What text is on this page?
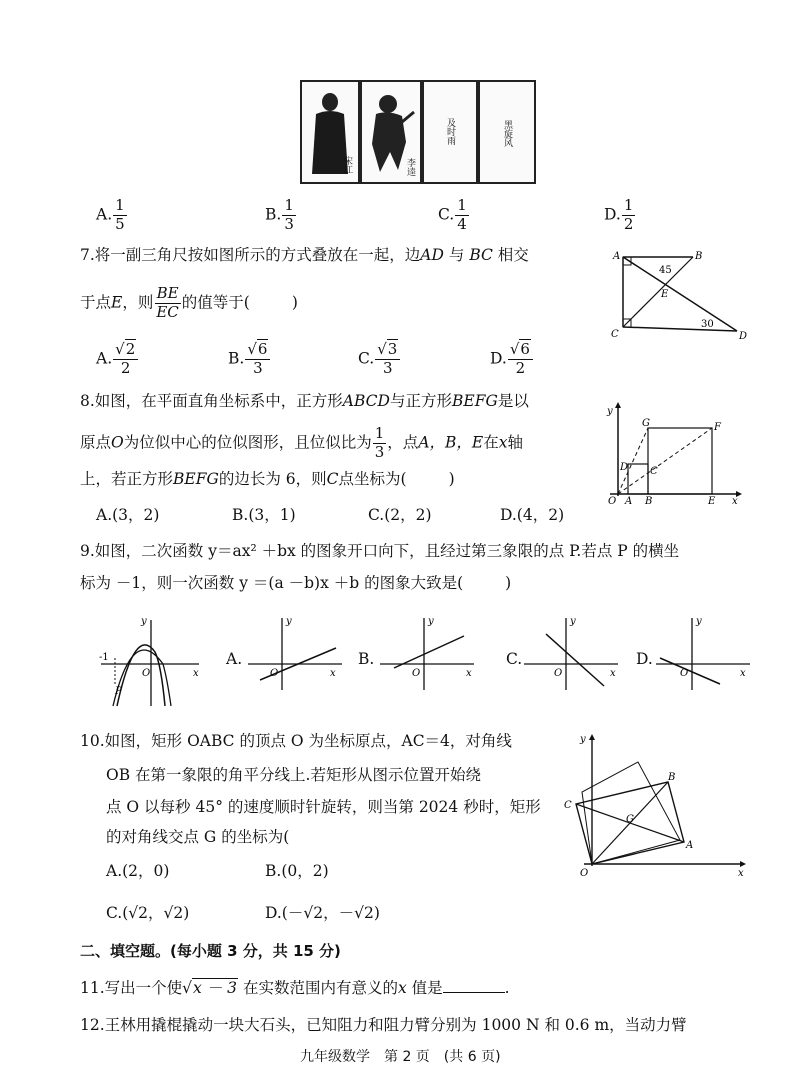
宋江	李逵
及时雨	黑旋风
A. $\frac{1}{5}$	B. $\frac{1}{3}$	C. $\frac{1}{4}$	D. $\frac{1}{2}$
7.将一副三角尺按如图所示的方式叠放在一起，边AD 与 BC 相交
于点E，则 $\frac{BE}{EC}$ 的值等于(	)
A. $\frac{√2}{2}$	B. $\frac{√6}{3}$	C. $\frac{√3}{3}$	D. $\frac{√6}{2}$
A	B
C	D
E
45
30
8.如图，在平面直角坐标系中，正方形ABCD与正方形BEFG是以
原点O为位似中心的位似图形，且位似比为 $\frac{1}{3}$ ，点A，B，E在x轴
上，若正方形BEFG的边长为 6，则C点坐标为(	)
A.(3，2)	B.(3，1)	C.(2，2)	D.(4，2)
y
x
O A B	E
C
D
F
G
9.如图，二次函数 y＝ax² ＋bx 的图象开口向下，且经过第三象限的点 P.若点 P 的横坐
标为 －1，则一次函数 y ＝(a －b)x ＋b 的图象大致是(	)
y
x
O
-1
P
A.
y
x
O
B.
y
x
O
C.
y
x
O
D.
y
x
O
10.如图，矩形 OABC 的顶点 O 为坐标原点，AC＝4，对角线
OB 在第一象限的角平分线上.若矩形从图示位置开始绕
点 O 以每秒 45° 的速度顺时针旋转，则当第 2024 秒时，矩形
的对角线交点 G 的坐标为(
A.(2，0)	B.(0，2)
C.(√2，√2)	D.(－√2，－√2)
y
x
O
A
B
C
G
二、填空题。(每小题 3 分，共 15 分)
11.写出一个使√x － 3 在实数范围内有意义的x 值是	.
12.王林用撬棍撬动一块大石头，已知阻力和阻力臂分别为 1000 N 和 0.6 m，当动力臂
九年级数学　第 2 页　(共 6 页)
